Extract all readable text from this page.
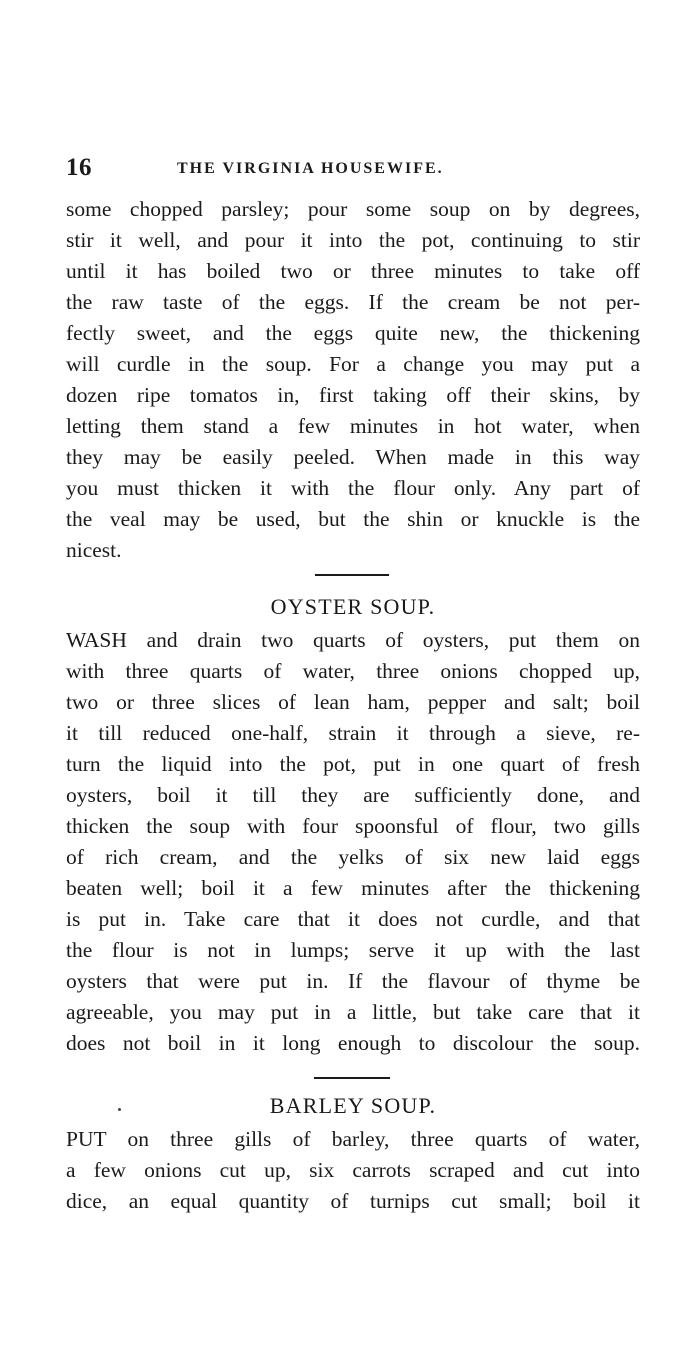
16	THE VIRGINIA HOUSEWIFE.
some chopped parsley; pour some soup on by degrees,
stir it well, and pour it into the pot, continuing to stir
until it has boiled two or three minutes to take off
the raw taste of the eggs. If the cream be not per-
fectly sweet, and the eggs quite new, the thickening
will curdle in the soup. For a change you may put a
dozen ripe tomatos in, first taking off their skins, by
letting them stand a few minutes in hot water, when
they may be easily peeled. When made in this way
you must thicken it with the flour only. Any part of
the veal may be used, but the shin or knuckle is the
nicest.
OYSTER SOUP.
WASH and drain two quarts of oysters, put them on
with three quarts of water, three onions chopped up,
two or three slices of lean ham, pepper and salt; boil
it till reduced one-half, strain it through a sieve, re-
turn the liquid into the pot, put in one quart of fresh
oysters, boil it till they are sufficiently done, and
thicken the soup with four spoonsful of flour, two gills
of rich cream, and the yelks of six new laid eggs
beaten well; boil it a few minutes after the thickening
is put in. Take care that it does not curdle, and that
the flour is not in lumps; serve it up with the last
oysters that were put in. If the flavour of thyme be
agreeable, you may put in a little, but take care that it
does not boil in it long enough to discolour the soup.
BARLEY SOUP.
PUT on three gills of barley, three quarts of water,
a few onions cut up, six carrots scraped and cut into
dice, an equal quantity of turnips cut small; boil it
